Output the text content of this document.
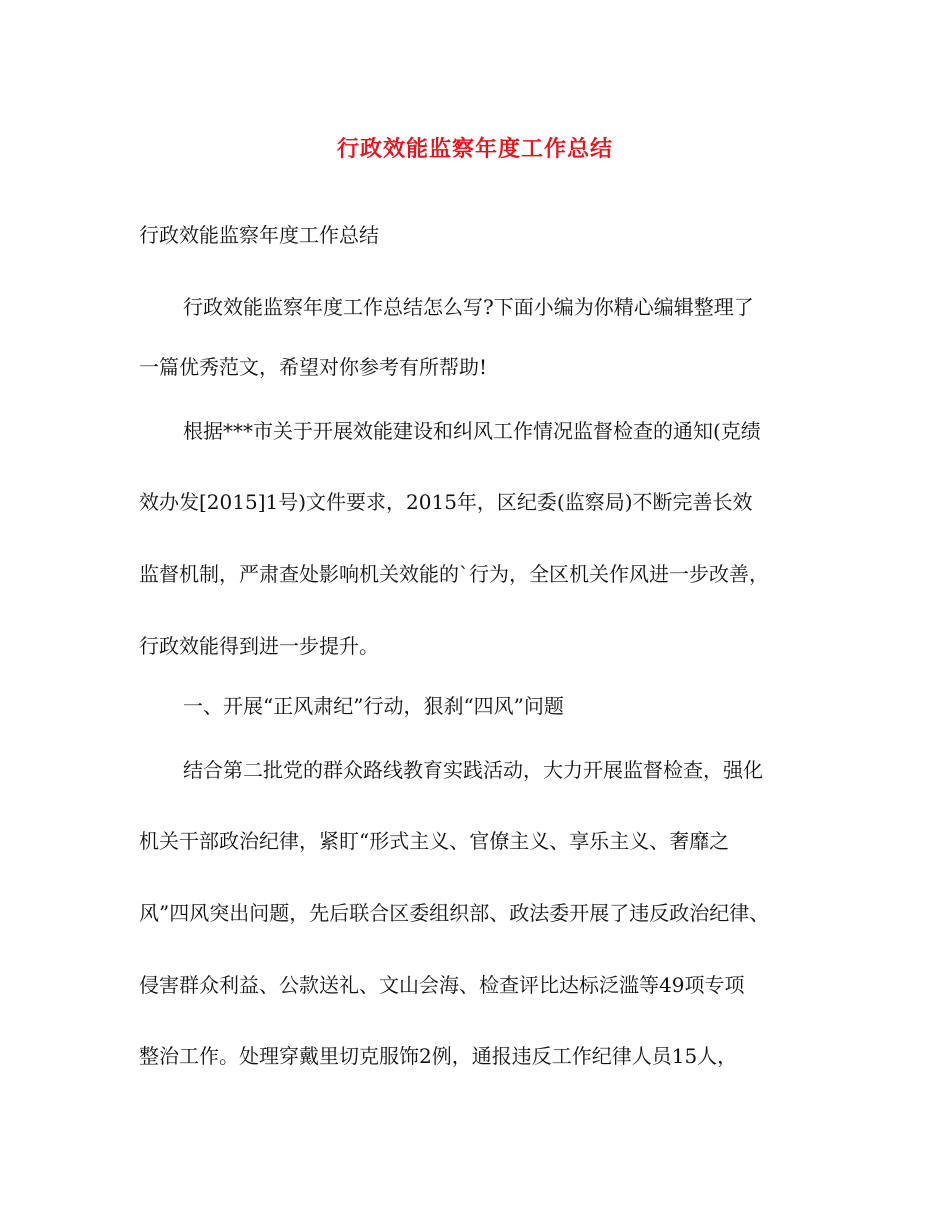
行政效能监察年度工作总结
行政效能监察年度工作总结
行政效能监察年度工作总结怎么写?下面小编为你精心编辑整理了
一篇优秀范文，希望对你参考有所帮助!
根据***市关于开展效能建设和纠风工作情况监督检查的通知(克绩
效办发[2015]1号)文件要求，2015年，区纪委(监察局)不断完善长效
监督机制，严肃查处影响机关效能的`行为，全区机关作风进一步改善，
行政效能得到进一步提升。
一、开展“正风肃纪”行动，狠刹“四风”问题
结合第二批党的群众路线教育实践活动，大力开展监督检查，强化
机关干部政治纪律，紧盯“形式主义、官僚主义、享乐主义、奢靡之
风”四风突出问题，先后联合区委组织部、政法委开展了违反政治纪律、
侵害群众利益、公款送礼、文山会海、检查评比达标泛滥等49项专项
整治工作。处理穿戴里切克服饰2例，通报违反工作纪律人员15人，
